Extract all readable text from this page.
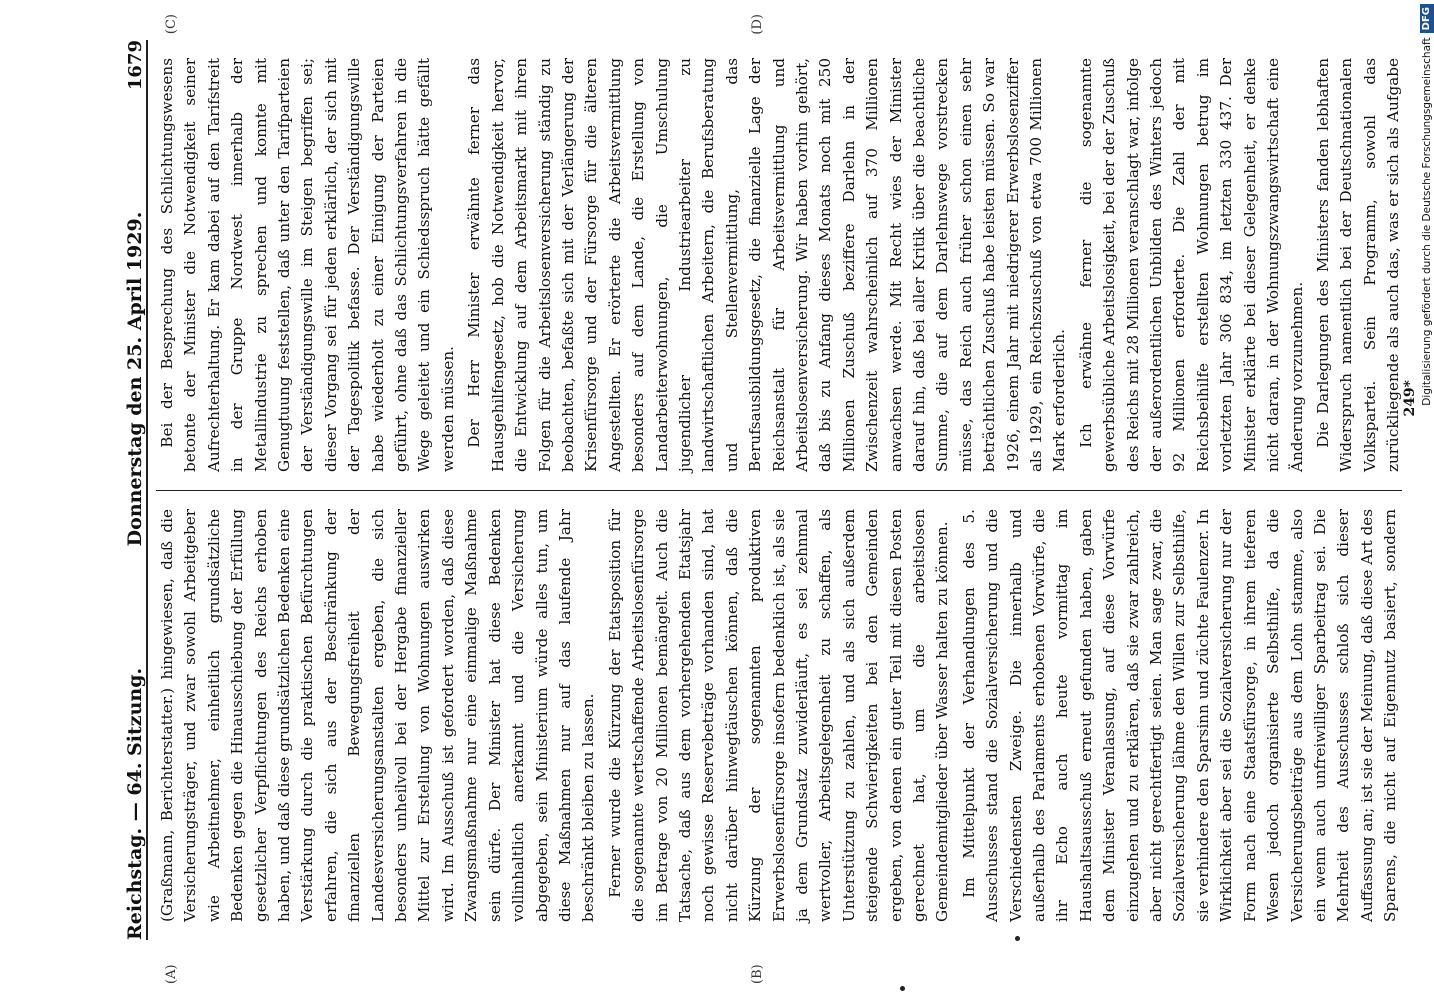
Reichstag. — 64. Sitzung.
Donnerstag den 25. April 1929.
1679
(A)	(B)
(C)	(D)

(Graßmann, Berichterstatter.) hingewiesen, daß die Versicherungsträger, und zwar sowohl Arbeitgeber wie Arbeitnehmer, einheitlich grundsätzliche Bedenken gegen die Hinausschiebung der Erfüllung gesetzlicher Verpflichtungen des Reichs erhoben haben, und daß diese grundsätzlichen Bedenken eine Verstärkung durch die praktischen Befürchtungen erfahren, die sich aus der Beschränkung der finanziellen Bewegungsfreiheit der Landesversicherungsanstalten ergeben, die sich besonders unheilvoll bei der Hergabe finanzieller Mittel zur Erstellung von Wohnungen auswirken wird. Im Ausschuß ist gefordert worden, daß diese Zwangsmaßnahme nur eine einmalige Maßnahme sein dürfe. Der Minister hat diese Bedenken vollinhaltlich anerkannt und die Versicherung abgegeben, sein Ministerium würde alles tun, um diese Maßnahmen nur auf das laufende Jahr beschränkt bleiben zu lassen. Ferner wurde die Kürzung der Etatsposition für die sogenannte wertschaffende Arbeitslosenfürsorge im Betrage von 20 Millionen bemängelt. Auch die Tatsache, daß aus dem vorhergehenden Etatsjahr noch gewisse Reservebeträge vorhanden sind, hat nicht darüber hinwegtäuschen können, daß die Kürzung der sogenannten produktiven Erwerbslosenfürsorge insofern bedenklich ist, als sie ja dem Grundsatz zuwiderläuft, es sei zehnmal wertvoller, Arbeitsgelegenheit zu schaffen, als Unterstützung zu zahlen, und als sich außerdem steigende Schwierigkeiten bei den Gemeinden ergeben, von denen ein guter Teil mit diesen Posten gerechnet hat, um die arbeitslosen Gemeindemitglieder über Wasser halten zu können. Im Mittelpunkt der Verhandlungen des 5. Ausschusses stand die Sozialversicherung und die Verschiedensten Zweige. Die innerhalb und außerhalb des Parlaments erhobenen Vorwürfe, die ihr Echo auch heute vormittag im Haushaltsausschuß erneut gefunden haben, gaben dem Minister Veranlassung, auf diese Vorwürfe einzugehen und zu erklären, daß sie zwar zahlreich, aber nicht gerechtfertigt seien. Man sage zwar, die Sozialversicherung lähme den Willen zur Selbsthilfe, sie verhindere den Sparsinn und züchte Faulenzer. In Wirklichkeit aber sei die Sozialversicherung nur der Form nach eine Staatsfürsorge, in ihrem tieferen Wesen jedoch organisierte Selbsthilfe, da die Versicherungsbeiträge aus dem Lohn stamme, also ein wenn auch unfreiwilliger Sparbeitrag sei. Die Mehrheit des Ausschusses schloß sich dieser Auffassung an; ist sie der Meinung, daß diese Art des Sparens, die nicht auf Eigennutz basiert, sondern

Bei der Besprechung des Schlichtungswesens betonte der Minister die Notwendigkeit seiner Aufrechterhaltung. Er kam dabei auf den Tarifstreit in der Gruppe Nordwest innerhalb der Metallindustrie zu sprechen und konnte mit Genugtuung feststellen, daß unter den Tarifparteien der Verständigungswille im Steigen begriffen sei; dieser Vorgang sei für jeden erklärlich, der sich mit der Tagespolitik befasse. Der Verständigungswille habe wiederholt zu einer Einigung der Parteien geführt, ohne daß das Schlichtungsverfahren in die Wege geleitet und ein Schiedsspruch hätte gefällt werden müssen. Der Herr Minister erwähnte ferner das Hausgehilfengesetz, hob die Notwendigkeit hervor, die Entwicklung auf dem Arbeitsmarkt mit ihren Folgen für die Arbeitslosenversicherung ständig zu beobachten, befaßte sich mit der Verlängerung der Krisenfürsorge und der Fürsorge für die älteren Angestellten. Er erörterte die Arbeitsvermittlung besonders auf dem Lande, die Erstellung von Landarbeiterwohnungen, die Umschulung jugendlicher Industriearbeiter zu landwirtschaftlichen Arbeitern, die Berufsberatung und Stellenvermittlung, das Berufsausbildungsgesetz, die finanzielle Lage der Reichsanstalt für Arbeitsvermittlung und Arbeitslosenversicherung. Wir haben vorhin gehört, daß bis zu Anfang dieses Monats noch mit 250 Millionen Zuschuß beziffere Darlehn in der Zwischenzeit wahrscheinlich auf 370 Millionen anwachsen werde. Mit Recht wies der Minister darauf hin, daß bei aller Kritik über die beachtliche Summe, die auf dem Darlehnswege vorstrecken müsse, das Reich auch früher schon einen sehr beträchtlichen Zuschuß habe leisten müssen. So war 1926, einem Jahr mit niedrigerer Erwerbslosenziffer als 1929, ein Reichszuschuß von etwa 700 Millionen Mark erforderlich. Ich erwähne ferner die sogenannte gewerbsübliche Arbeitslosigkeit, bei der der Zuschuß des Reichs mit 28 Millionen veranschlagt war, infolge der außerordentlichen Unbilden des Winters jedoch 92 Millionen erforderte. Die Zahl der mit Reichsbeihilfe erstellten Wohnungen betrug im vorletzten Jahr 306 834, im letzten 330 437. Der Minister erklärte bei dieser Gelegenheit, er denke nicht daran, in der Wohnungszwangswirtschaft eine Änderung vorzunehmen. Die Darlegungen des Ministers fanden lebhaften Widerspruch namentlich bei der Deutschnationalen Volkspartei. Sein Programm, sowohl das zurückliegende als auch das, was er sich als Aufgabe

249* Digitalisierung gefördert durch die Deutsche Forschungsgemeinschaft
DFG
